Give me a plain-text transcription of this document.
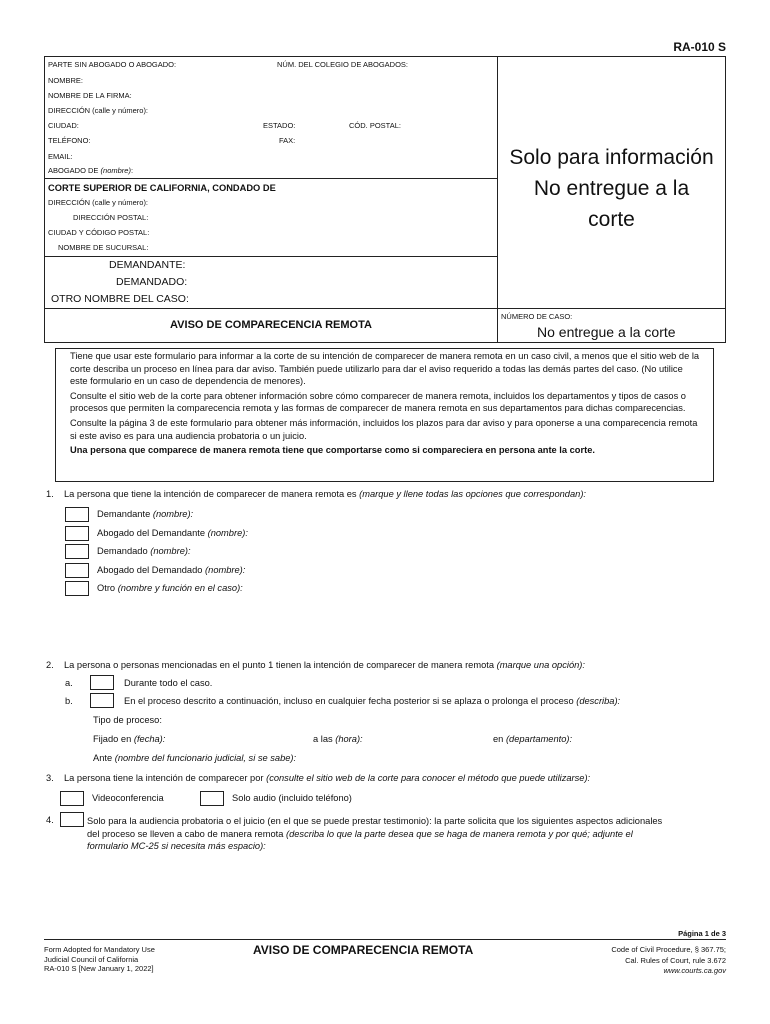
RA-010 S
PARTE SIN ABOGADO O ABOGADO:	NÚM. DEL COLEGIO DE ABOGADOS:
NOMBRE:
NOMBRE DE LA FIRMA:
DIRECCIÓN (calle y número):
CIUDAD:	ESTADO:	CÓD. POSTAL:
TELÉFONO:	FAX:
EMAIL:
ABOGADO DE (nombre):
CORTE SUPERIOR DE CALIFORNIA, CONDADO DE
DIRECCIÓN (calle y número):
DIRECCIÓN POSTAL:
CIUDAD Y CÓDIGO POSTAL:
NOMBRE DE SUCURSAL:
DEMANDANTE:
DEMANDADO:
OTRO NOMBRE DEL CASO:
Solo para información
No entregue a la
corte
NÚMERO DE CASO:
No entregue a la corte
AVISO DE COMPARECENCIA REMOTA
Tiene que usar este formulario para informar a la corte de su intención de comparecer de manera remota en un caso civil, a menos que el sitio web de la corte describa un proceso en línea para dar aviso. También puede utilizarlo para dar el aviso requerido a todas las demás partes del caso. (No utilice este formulario en un caso de dependencia de menores).
Consulte el sitio web de la corte para obtener información sobre cómo comparecer de manera remota, incluidos los departamentos y tipos de casos o procesos que permiten la comparecencia remota y las formas de comparecer de manera remota en sus departamentos para dichas comparecencias.
Consulte la página 3 de este formulario para obtener más información, incluidos los plazos para dar aviso y para oponerse a una comparecencia remota si este aviso es para una audiencia probatoria o un juicio.
Una persona que comparece de manera remota tiene que comportarse como si compareciera en persona ante la corte.
1. La persona que tiene la intención de comparecer de manera remota es (marque y llene todas las opciones que correspondan):
Demandante (nombre):
Abogado del Demandante (nombre):
Demandado (nombre):
Abogado del Demandado (nombre):
Otro (nombre y función en el caso):
2. La persona o personas mencionadas en el punto 1 tienen la intención de comparecer de manera remota (marque una opción):
a.	Durante todo el caso.
b.	En el proceso descrito a continuación, incluso en cualquier fecha posterior si se aplaza o prolonga el proceso (describa):
Tipo de proceso:
Fijado en (fecha):	a las (hora):	en (departamento):
Ante (nombre del funcionario judicial, si se sabe):
3. La persona tiene la intención de comparecer por (consulte el sitio web de la corte para conocer el método que puede utilizarse):
Videoconferencia	Solo audio (incluido teléfono)
4.	Solo para la audiencia probatoria o el juicio (en el que se puede prestar testimonio): la parte solicita que los siguientes aspectos adicionales
del proceso se lleven a cabo de manera remota (describa lo que la parte desea que se haga de manera remota y por qué; adjunte el
formulario MC-25 si necesita más espacio):
Página 1 de 3
Form Adopted for Mandatory Use
Judicial Council of California
RA-010 S [New January 1, 2022]
AVISO DE COMPARECENCIA REMOTA	Code of Civil Procedure, § 367.75;
Cal. Rules of Court, rule 3.672
www.courts.ca.gov
